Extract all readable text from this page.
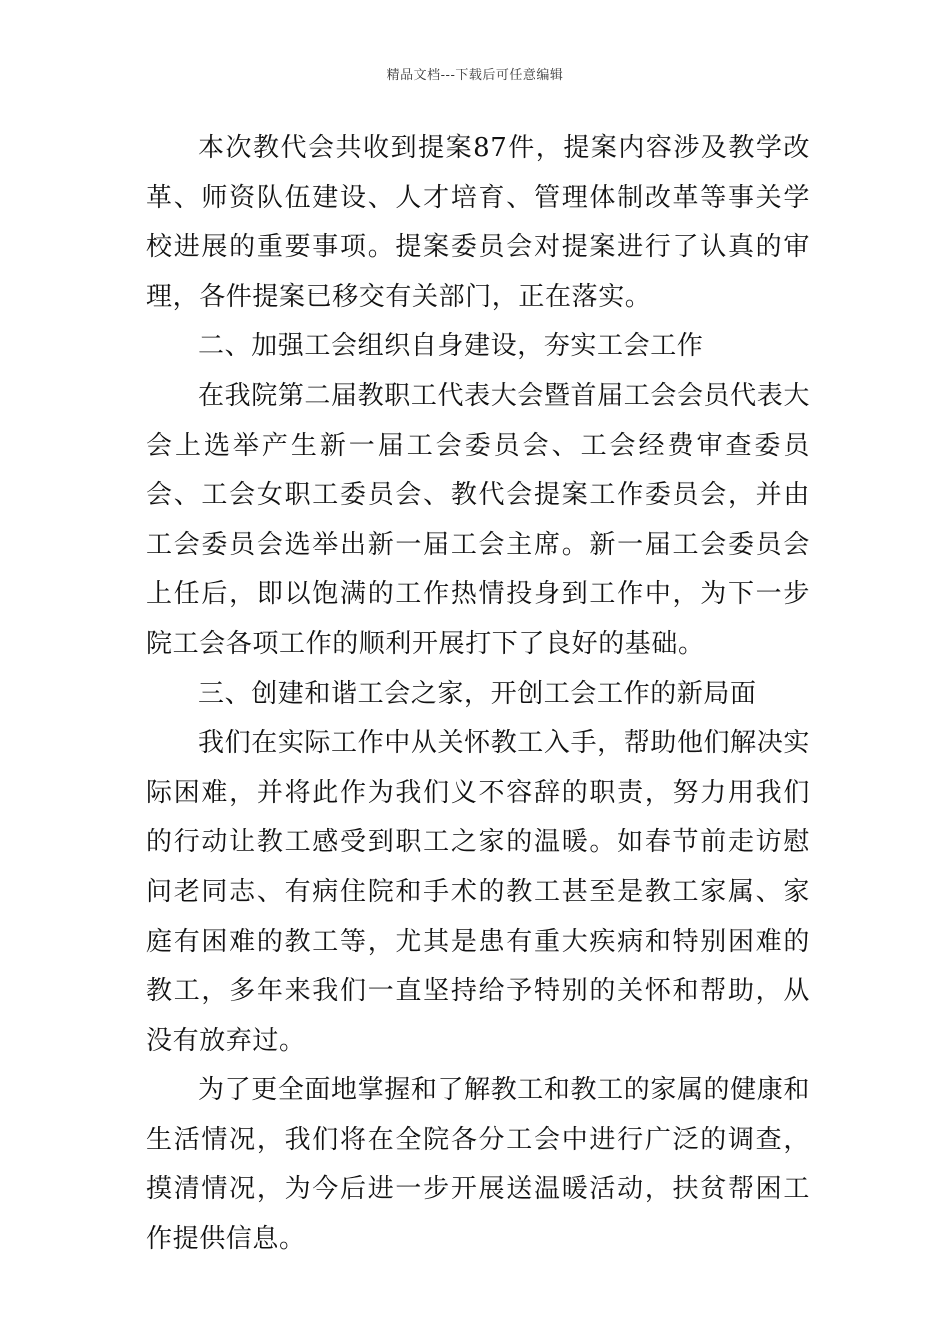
精品文档---下载后可任意编辑

本次教代会共收到提案87件，提案内容涉及教学改革、师资队伍建设、人才培育、管理体制改革等事关学校进展的重要事项。提案委员会对提案进行了认真的审理，各件提案已移交有关部门，正在落实。

二、加强工会组织自身建设，夯实工会工作

在我院第二届教职工代表大会暨首届工会会员代表大会上选举产生新一届工会委员会、工会经费审查委员会、工会女职工委员会、教代会提案工作委员会，并由工会委员会选举出新一届工会主席。新一届工会委员会上任后，即以饱满的工作热情投身到工作中，为下一步院工会各项工作的顺利开展打下了良好的基础。

三、创建和谐工会之家，开创工会工作的新局面

我们在实际工作中从关怀教工入手，帮助他们解决实际困难，并将此作为我们义不容辞的职责，努力用我们的行动让教工感受到职工之家的温暖。如春节前走访慰问老同志、有病住院和手术的教工甚至是教工家属、家庭有困难的教工等，尤其是患有重大疾病和特别困难的教工，多年来我们一直坚持给予特别的关怀和帮助，从没有放弃过。

为了更全面地掌握和了解教工和教工的家属的健康和生活情况，我们将在全院各分工会中进行广泛的调查，摸清情况，为今后进一步开展送温暖活动，扶贫帮困工作提供信息。
